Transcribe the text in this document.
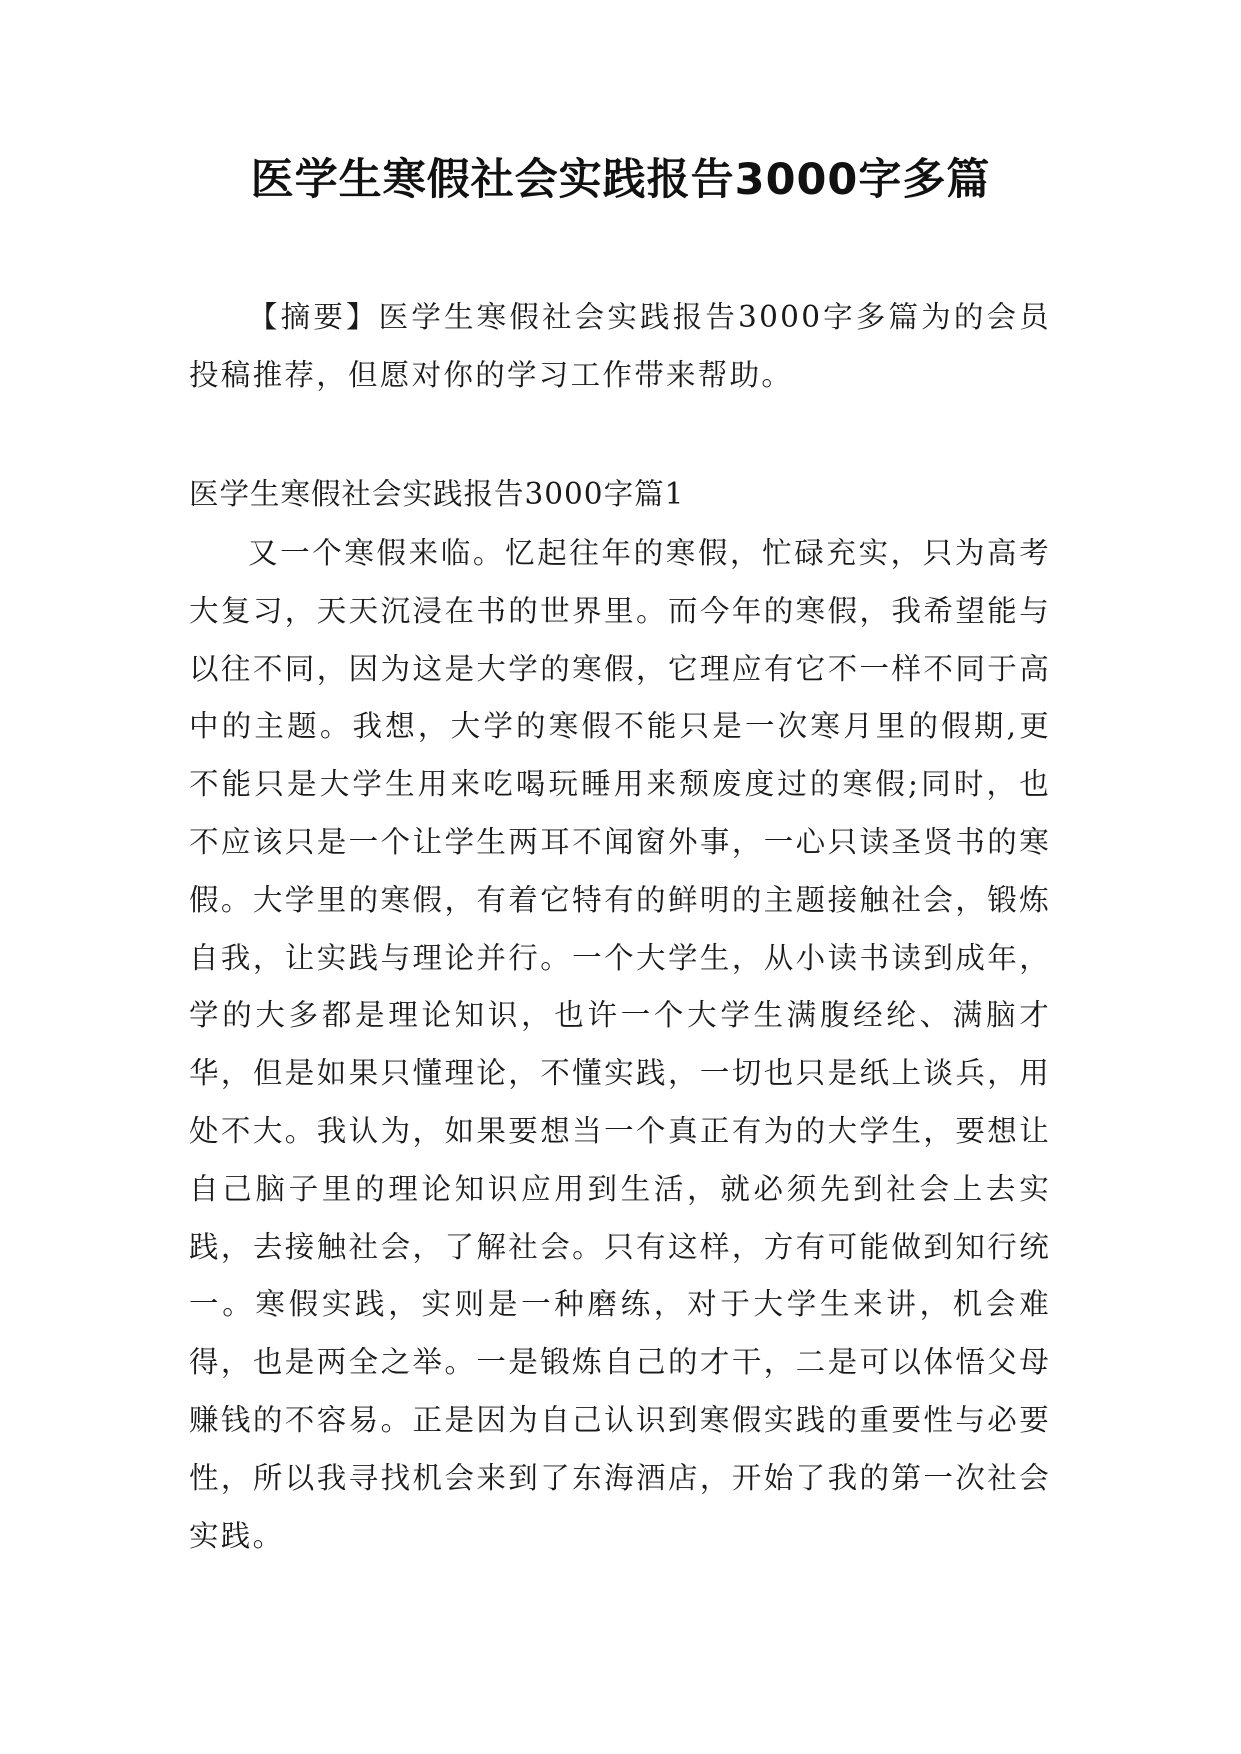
医学生寒假社会实践报告3000字多篇
【摘要】医学生寒假社会实践报告3000字多篇为的会员投稿推荐，但愿对你的学习工作带来帮助。
医学生寒假社会实践报告3000字篇1
又一个寒假来临。忆起往年的寒假，忙碌充实，只为高考大复习，天天沉浸在书的世界里。而今年的寒假，我希望能与以往不同，因为这是大学的寒假，它理应有它不一样不同于高中的主题。我想，大学的寒假不能只是一次寒月里的假期,更不能只是大学生用来吃喝玩睡用来颓废度过的寒假;同时，也不应该只是一个让学生两耳不闻窗外事，一心只读圣贤书的寒假。大学里的寒假，有着它特有的鲜明的主题接触社会，锻炼自我，让实践与理论并行。一个大学生，从小读书读到成年，学的大多都是理论知识，也许一个大学生满腹经纶、满脑才华，但是如果只懂理论，不懂实践，一切也只是纸上谈兵，用处不大。我认为，如果要想当一个真正有为的大学生，要想让自己脑子里的理论知识应用到生活，就必须先到社会上去实践，去接触社会，了解社会。只有这样，方有可能做到知行统一。寒假实践，实则是一种磨练，对于大学生来讲，机会难得，也是两全之举。一是锻炼自己的才干，二是可以体悟父母赚钱的不容易。正是因为自己认识到寒假实践的重要性与必要性，所以我寻找机会来到了东海酒店，开始了我的第一次社会实践。
